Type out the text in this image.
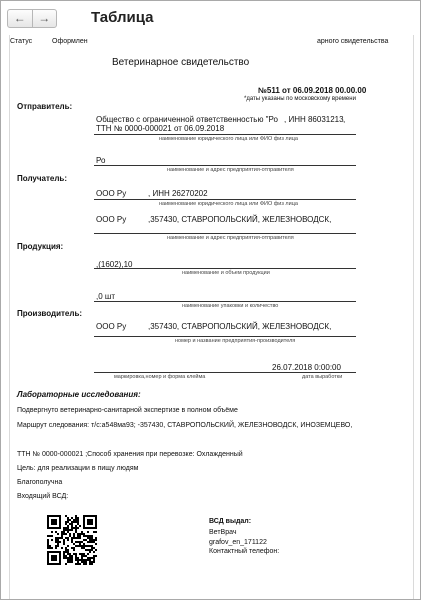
← →	Таблица
Статус	Оформлен	арного свидетельства
Ветеринарное свидетельство
№511 от 06.09.2018 00.00.00
*даты указаны по московскому времени
Отправитель:
Общество с ограниченной ответственностью "Ро , ИНН 86031213 ,
ТТН № 0000-000021 от 06.09.2018
наименование юридического лица или ФИО физ лица
Ро
наименование и адрес предприятия-отправителя
Получатель:
ООО Ру	, ИНН 26270202
наименование юридического лица или ФИО физ лица
ООО Ру	,357430, СТАВРОПОЛЬСКИЙ, ЖЕЛЕЗНОВОДСК,
наименование и адрес предприятия-отправителя
Продукция:
,(1602),10
наименование и объем продукции
,0 шт
наименование упаковки и количество
Производитель:
ООО Ру	,357430, СТАВРОПОЛЬСКИЙ, ЖЕЛЕЗНОВОДСК,
номер и название предприятия-производителя
26.07.2018 0:00:00
маркировка,номер и форма клейма	дата выработки
Лабораторные исследования:
Подвергнуто ветеринарно-санитарной экспертизе в полном объёме
Маршрут следования: т/с:а548ма93; -357430, СТАВРОПОЛЬСКИЙ, ЖЕЛЕЗНОВОДСК, ИНОЗЕМЦЕВО,
ТТН № 0000-000021 ;Способ хранения при перевозке: Охлажденный
Цель: для реализации в пищу людям
Благополучна
Входящий ВСД:
ВСД выдал:
ВетВрач
grafov_en_171122
Контактный телефон:
